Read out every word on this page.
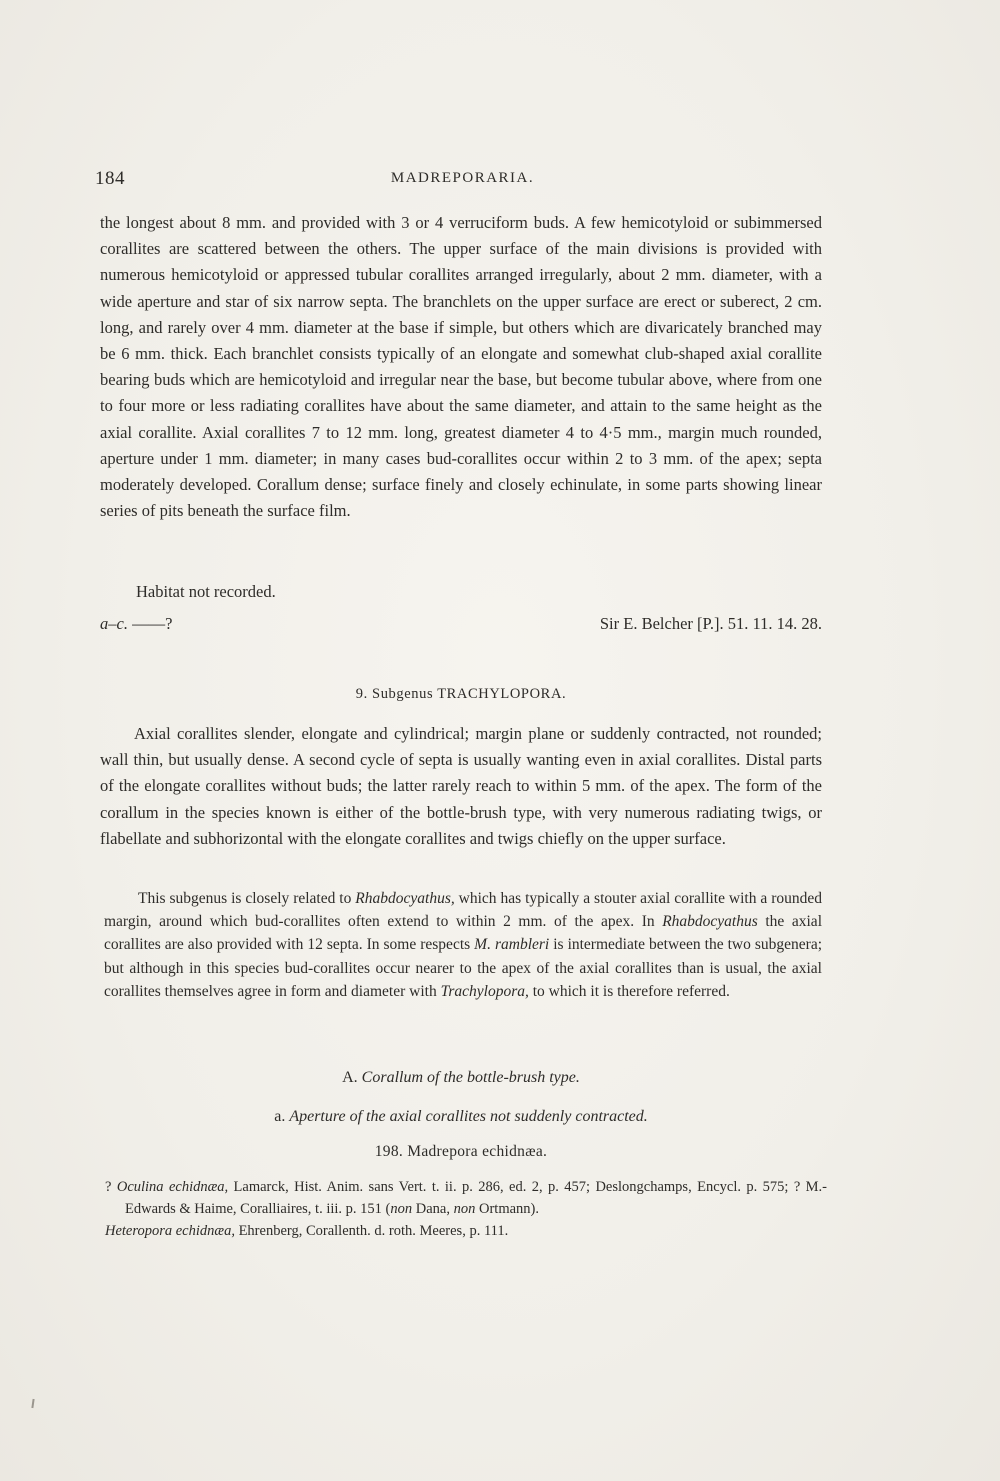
184	MADREPORARIA.

the longest about 8 mm. and provided with 3 or 4 verruciform buds. A few hemicotyloid or subimmersed corallites are scattered between the others. The upper surface of the main divisions is provided with numerous hemicotyloid or appressed tubular corallites arranged irregularly, about 2 mm. diameter, with a wide aperture and star of six narrow septa. The branchlets on the upper surface are erect or suberect, 2 cm. long, and rarely over 4 mm. diameter at the base if simple, but others which are divaricately branched may be 6 mm. thick. Each branchlet consists typically of an elongate and somewhat club-shaped axial corallite bearing buds which are hemicotyloid and irregular near the base, but become tubular above, where from one to four more or less radiating corallites have about the same diameter, and attain to the same height as the axial corallite. Axial corallites 7 to 12 mm. long, greatest diameter 4 to 4·5 mm., margin much rounded, aperture under 1 mm. diameter; in many cases bud-corallites occur within 2 to 3 mm. of the apex; septa moderately developed. Corallum dense; surface finely and closely echinulate, in some parts showing linear series of pits beneath the surface film.

Habitat not recorded.
a–c. ——?	Sir E. Belcher [P.]. 51. 11. 14. 28.
9. Subgenus TRACHYLOPORA.

Axial corallites slender, elongate and cylindrical; margin plane or suddenly contracted, not rounded; wall thin, but usually dense. A second cycle of septa is usually wanting even in axial corallites. Distal parts of the elongate corallites without buds; the latter rarely reach to within 5 mm. of the apex. The form of the corallum in the species known is either of the bottle-brush type, with very numerous radiating twigs, or flabellate and subhorizontal with the elongate corallites and twigs chiefly on the upper surface.

This subgenus is closely related to Rhabdocyathus, which has typically a stouter axial corallite with a rounded margin, around which bud-corallites often extend to within 2 mm. of the apex. In Rhabdocyathus the axial corallites are also provided with 12 septa. In some respects M. rambleri is intermediate between the two subgenera; but although in this species bud-corallites occur nearer to the apex of the axial corallites than is usual, the axial corallites themselves agree in form and diameter with Trachylopora, to which it is therefore referred.

A. Corallum of the bottle-brush type.
a. Aperture of the axial corallites not suddenly contracted.
198. Madrepora echidnæa.

? Oculina echidnæa, Lamarck, Hist. Anim. sans Vert. t. ii. p. 286, ed. 2, p. 457; Deslongchamps, Encycl. p. 575; ? M.-Edwards & Haime, Coralliaires, t. iii. p. 151 (non Dana, non Ortmann).

Heteropora echidnæa, Ehrenberg, Corallenth. d. roth. Meeres, p. 111.
